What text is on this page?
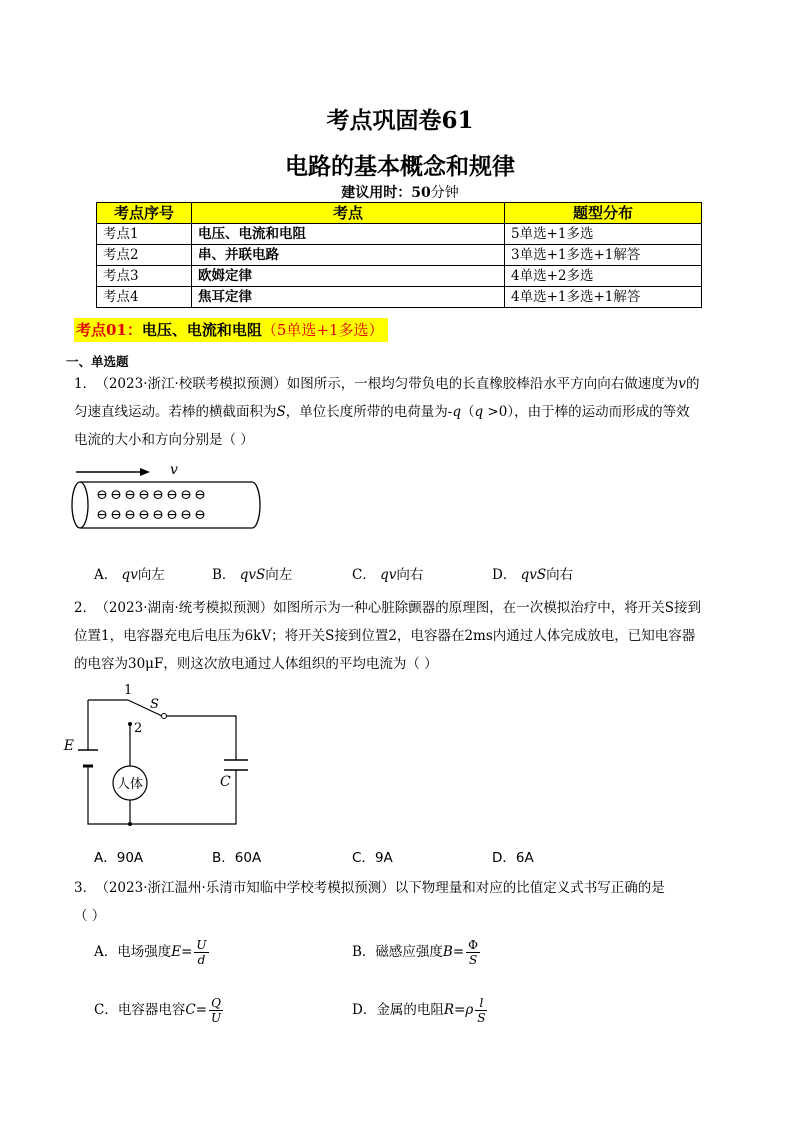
考点巩固卷61
电路的基本概念和规律
建议用时：50分钟
考点序号	考点	题型分布
考点1	电压、电流和电阻	5单选+1多选
考点2	串、并联电路	3单选+1多选+1解答
考点3	欧姆定律	4单选+2多选
考点4	焦耳定律	4单选+1多选+1解答
考点01：电压、电流和电阻（5单选+1多选）
一、单选题
1． （2023·浙江·校联考模拟预测）如图所示，一根均匀带负电的长直橡胶棒沿水平方向向右做速度为v的
匀速直线运动。若棒的横截面积为S，单位长度所带的电荷量为-q（q >0），由于棒的运动而形成的等效
电流的大小和方向分别是（ ）
v
⊖ ⊖ ⊖ ⊖ ⊖ ⊖ ⊖ ⊖
⊖ ⊖ ⊖ ⊖ ⊖ ⊖ ⊖ ⊖
A． qv向左	B． qvS向左	C． qv向右	D． qvS向右
2． （2023·湖南·统考模拟预测）如图所示为一种心脏除颤器的原理图，在一次模拟治疗中，将开关S接到
位置1，电容器充电后电压为6kV；将开关S接到位置2，电容器在2ms内通过人体完成放电，已知电容器
的电容为30μF，则这次放电通过人体组织的平均电流为（ ）
E
C
1
2
S
人体
A．90A	B．60A	C．9A	D．6A
3． （2023·浙江温州·乐清市知临中学校考模拟预测）以下物理量和对应的比值定义式书写正确的是
（ ）
A．电场强度$E= \frac{U}{d}$	B．磁感应强度$B= \frac{\Phi}{S}$
C．电容器电容$C= \frac{Q}{U}$	D．金属的电阻$R=\rho \frac{l}{S}$
